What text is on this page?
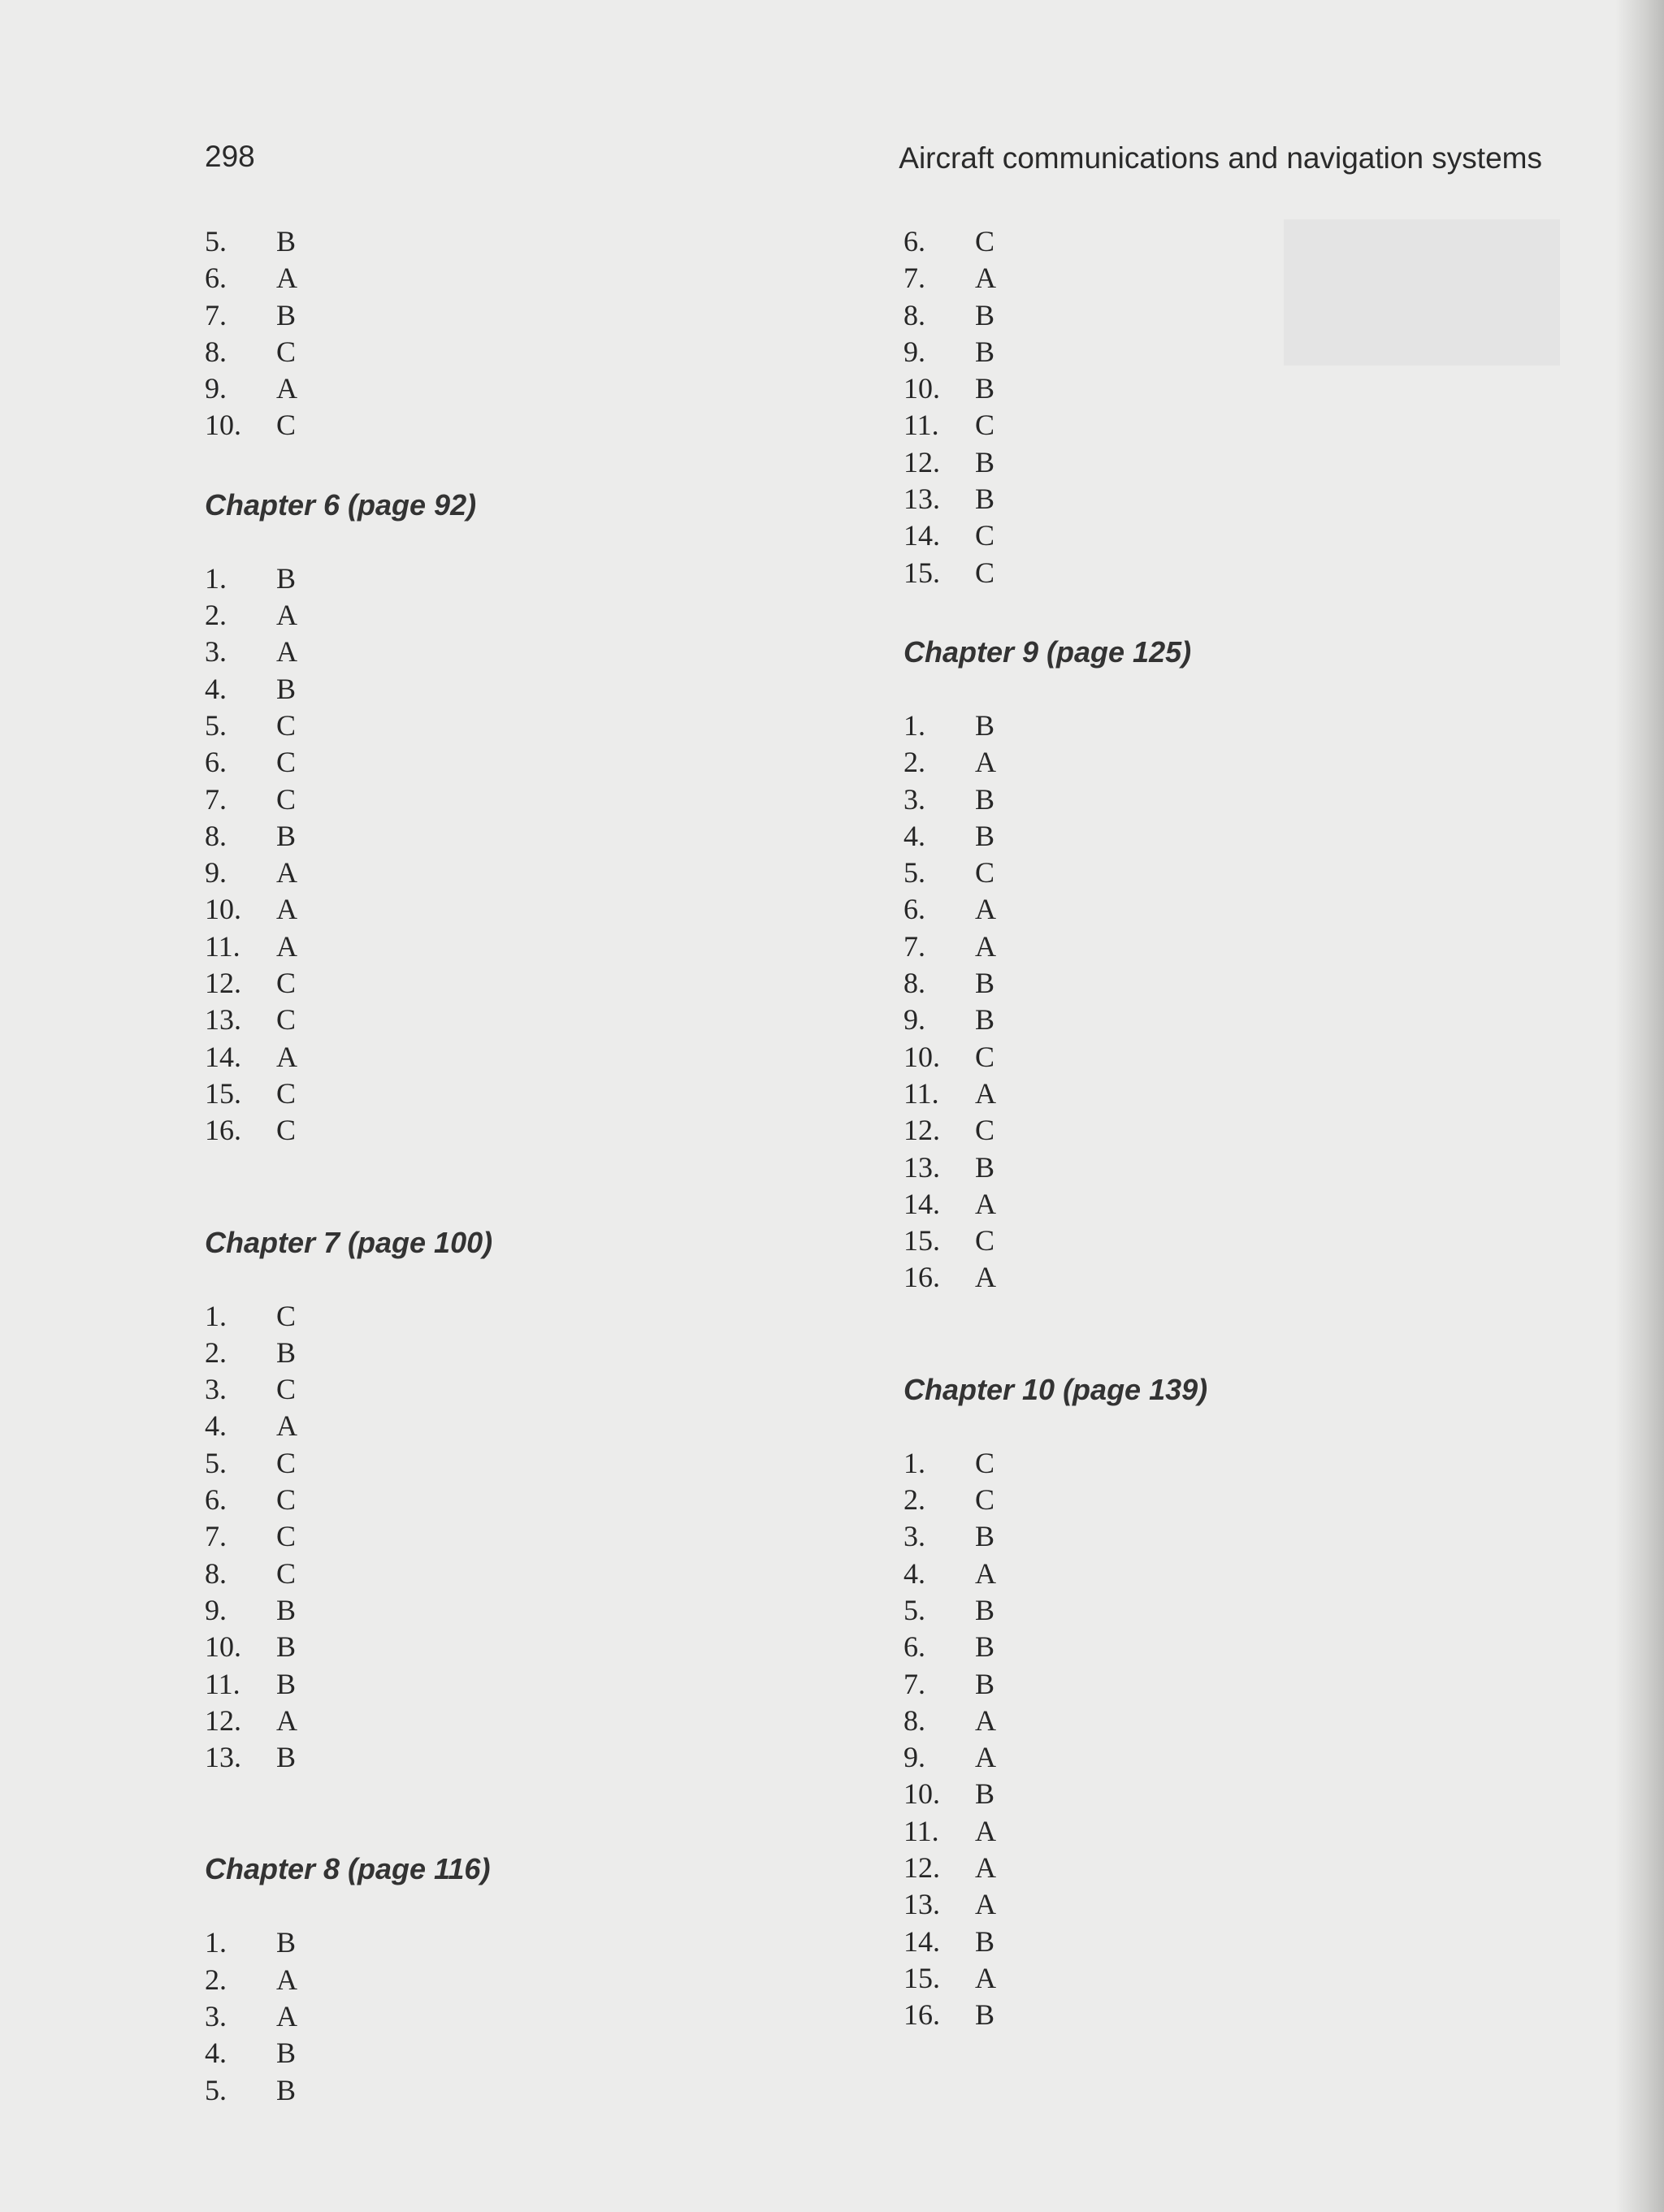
298	Aircraft communications and navigation systems
5. B
6. A
7. B
8. C
9. A
10. C
Chapter 6 (page 92)
1. B
2. A
3. A
4. B
5. C
6. C
7. C
8. B
9. A
10. A
11. A
12. C
13. C
14. A
15. C
16. C
Chapter 7 (page 100)
1. C
2. B
3. C
4. A
5. C
6. C
7. C
8. C
9. B
10. B
11. B
12. A
13. B
Chapter 8 (page 116)
1. B
2. A
3. A
4. B
5. B
6. C
7. A
8. B
9. B
10. B
11. C
12. B
13. B
14. C
15. C
Chapter 9 (page 125)
1. B
2. A
3. B
4. B
5. C
6. A
7. A
8. B
9. B
10. C
11. A
12. C
13. B
14. A
15. C
16. A
Chapter 10 (page 139)
1. C
2. C
3. B
4. A
5. B
6. B
7. B
8. A
9. A
10. B
11. A
12. A
13. A
14. B
15. A
16. B
